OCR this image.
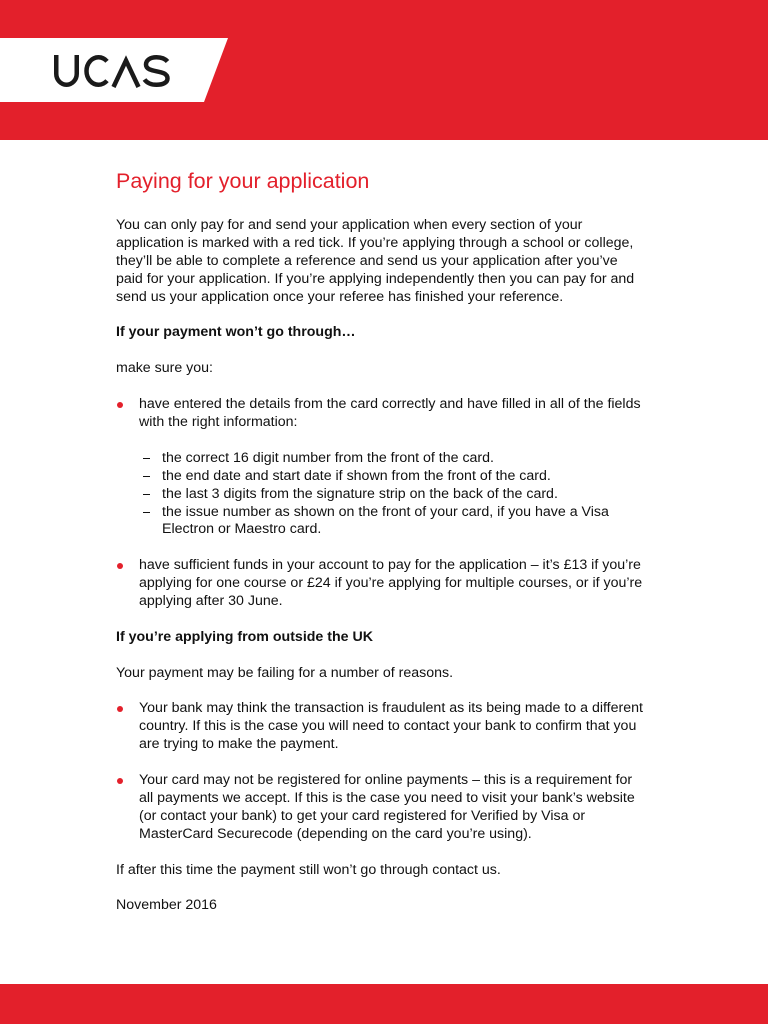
Paying for your application
You can only pay for and send your application when every section of your
application is marked with a red tick. If you’re applying through a school or college,
they’ll be able to complete a reference and send us your application after you’ve
paid for your application. If you’re applying independently then you can pay for and
send us your application once your referee has finished your reference.
If your payment won’t go through…
make sure you:
have entered the details from the card correctly and have filled in all of the fields
with the right information:
the correct 16 digit number from the front of the card.
the end date and start date if shown from the front of the card.
the last 3 digits from the signature strip on the back of the card.
the issue number as shown on the front of your card, if you have a Visa
Electron or Maestro card.
have sufficient funds in your account to pay for the application – it’s £13 if you’re
applying for one course or £24 if you’re applying for multiple courses, or if you’re
applying after 30 June.
If you’re applying from outside the UK
Your payment may be failing for a number of reasons.
Your bank may think the transaction is fraudulent as its being made to a different
country. If this is the case you will need to contact your bank to confirm that you
are trying to make the payment.
Your card may not be registered for online payments – this is a requirement for
all payments we accept. If this is the case you need to visit your bank’s website
(or contact your bank) to get your card registered for Verified by Visa or
MasterCard Securecode (depending on the card you’re using).
If after this time the payment still won’t go through contact us.
November 2016
